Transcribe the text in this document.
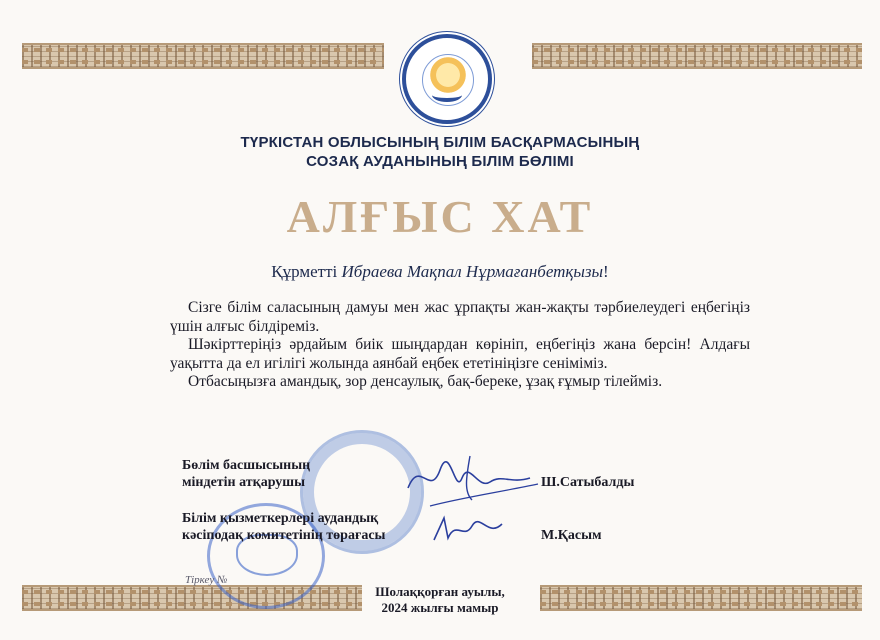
ТҮРКІСТАН ОБЛЫСЫНЫҢ БІЛІМ БАСҚАРМАСЫНЫҢ
СОЗАҚ АУДАНЫНЫҢ БІЛІМ БӨЛІМІ
АЛҒЫС ХАТ
Құрметті Ибраева Мақпал Нұрмағанбетқызы!

Сізге білім саласының дамуы мен жас ұрпақты жан-жақты тәрбиелеудегі еңбегіңіз үшін алғыс білдіреміз.

Шәкірттеріңіз әрдайым биік шыңдардан көрініп, еңбегіңіз жана берсін! Алдағы уақытта да ел игілігі жолында аянбай еңбек ететініңізге сеніміміз.

Отбасыңызға амандық, зор денсаулық, бақ-береке, ұзақ ғұмыр тілейміз.

Бөлім басшысының
міндетін атқарушы	Ш.Сатыбалды
Білім қызметкерлері аудандық
кәсіподақ комитетінің төрағасы	М.Қасым
Тіркеу №
Шолаққорған ауылы,
2024 жылғы мамыр
